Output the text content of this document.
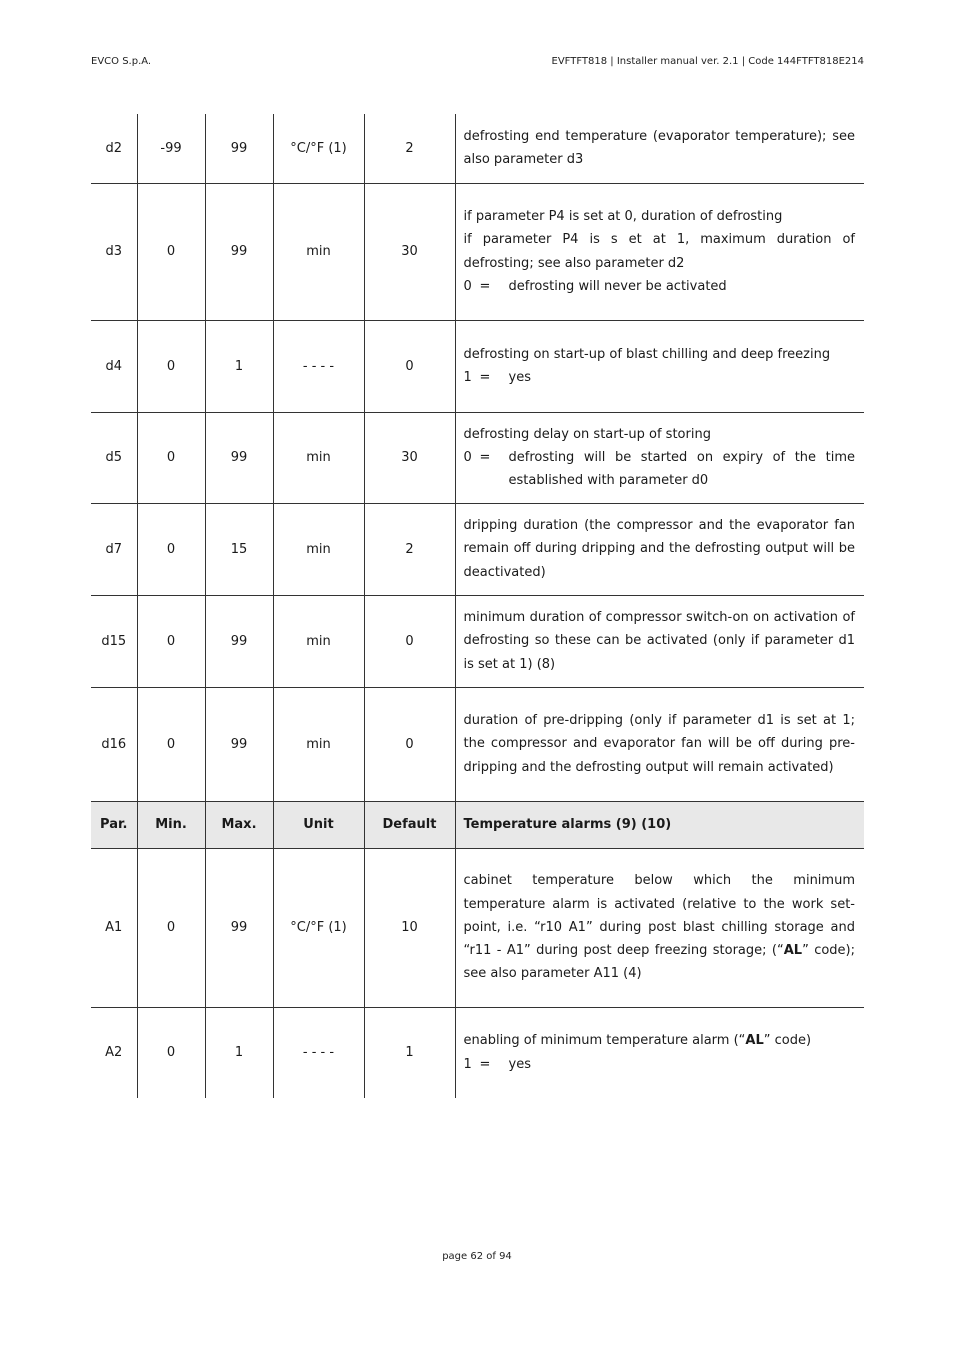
EVCO S.p.A.	EVFTFT818 | Installer manual ver. 2.1 | Code 144FTFT818E214
d2	-99	99	°C/°F (1)	2	defrosting end temperature (evaporator temperature); see also parameter d3

d3	0	99	min	30	if parameter P4 is set at 0, duration of defrosting
if parameter P4 is s et at 1, maximum duration of defrosting; see also parameter d2
0 = defrosting will never be activated

d4	0	1	- - - -	0	defrosting on start-up of blast chilling and deep freezing
1 = yes

d5	0	99	min	30	defrosting delay on start-up of storing
0 = defrosting will be started on expiry of the time established with parameter d0

d7	0	15	min	2	dripping duration (the compressor and the evaporator fan remain off during dripping and the defrosting output will be deactivated)

d15	0	99	min	0	minimum duration of compressor switch-on on activation of defrosting so these can be activated (only if parameter d1 is set at 1) (8)

d16	0	99	min	0	duration of pre-dripping (only if parameter d1 is set at 1; the compressor and evaporator fan will be off during pre-dripping and the defrosting output will remain activated)

Par.	Min.	Max.	Unit	Default	Temperature alarms (9) (10)
A1	0	99	°C/°F (1)	10	cabinet temperature below which the minimum temperature alarm is activated (relative to the work set-point, i.e. “r10 A1” during post blast chilling storage and “r11 - A1” during post deep freezing storage; (“AL” code); see also parameter A11 (4)
A2	0	1	- - - -	1	enabling of minimum temperature alarm (“AL” code)
1 = yes
page 62 of 94
